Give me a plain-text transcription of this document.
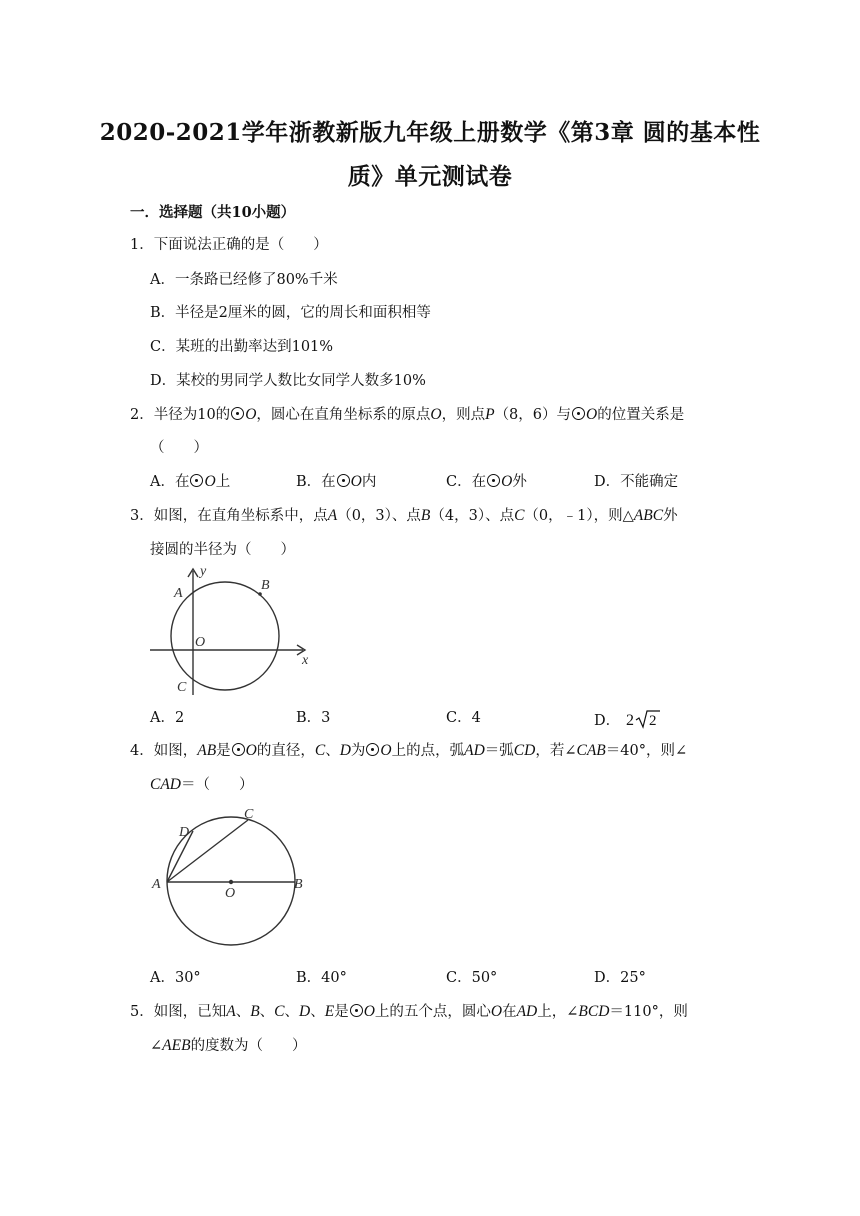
2020-2021学年浙教新版九年级上册数学《第3章 圆的基本性
质》单元测试卷
一．选择题（共10小题）
1．下面说法正确的是（　　）
A．一条路已经修了80%千米
B．半径是2厘米的圆，它的周长和面积相等
C．某班的出勤率达到101%
D．某校的男同学人数比女同学人数多10%
2．半径为10的 O，圆心在直角坐标系的原点O，则点P（8，6）与 O的位置关系是
（　　）
A．在 O上	B．在 O内	C．在 O外	D．不能确定
3．如图，在直角坐标系中，点A（0，3）、点B（4，3）、点C（0，﹣1），则△ABC外
接圆的半径为（　　）
y
x
A
B
O
C
A．2	B．3	C．4	D． 2 2
4．如图，AB是 O的直径，C、D为 O上的点，弧AD＝弧CD，若∠CAB＝40°，则∠
CAD＝（　　）
C
D
A
O
B
A．30°	B．40°	C．50°	D．25°
5．如图，已知A、B、C、D、E是 O上的五个点，圆心O在AD上，∠BCD＝110°，则
∠AEB的度数为（　　）
